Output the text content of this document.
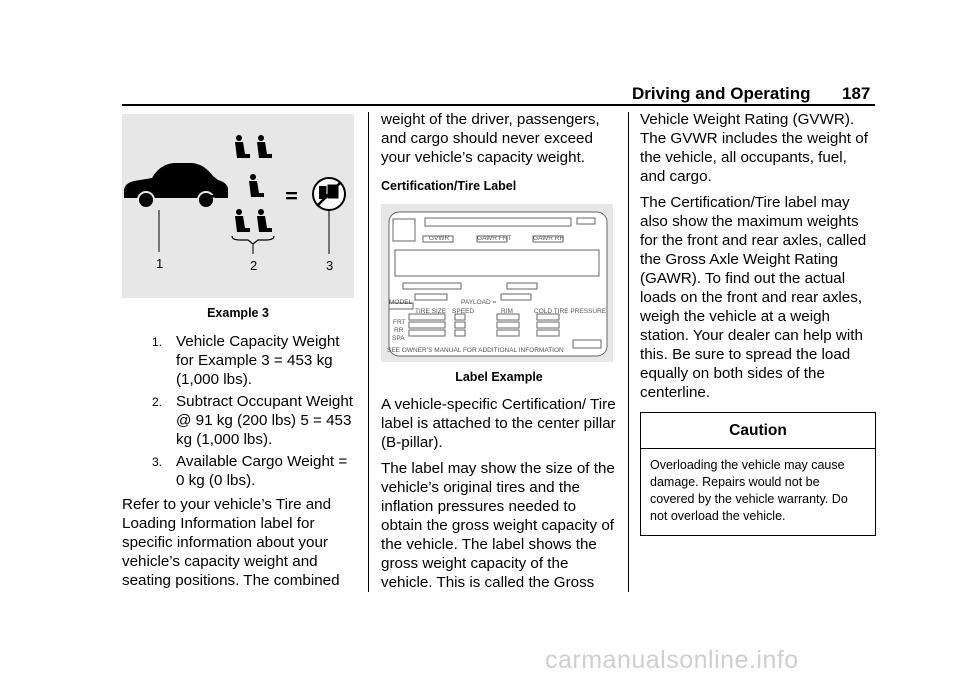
Driving and Operating 187
1	2	3
Example 3
1. Vehicle Capacity Weight for Example 3 = 453 kg (1,000 lbs).
2. Subtract Occupant Weight @ 91 kg (200 lbs) 5 = 453 kg (1,000 lbs).
3. Available Cargo Weight = 0 kg (0 lbs).
Refer to your vehicle’s Tire and Loading Information label for specific information about your vehicle’s capacity weight and seating positions. The combined

weight of the driver, passengers, and cargo should never exceed your vehicle’s capacity weight.

Certification/Tire Label
GVWR	GAWR FRT	GAWR RR
MODEL:	PAYLOAD =
TIRE SIZE SPEED	RIM	COLD TIRE PRESSURE
FRT
RR
SPA
SEE OWNER’S MANUAL FOR ADDITIONAL INFORMATION
Label Example

A vehicle-specific Certification/ Tire label is attached to the center pillar (B-pillar).

The label may show the size of the vehicle’s original tires and the inflation pressures needed to obtain the gross weight capacity of the vehicle. The label shows the gross weight capacity of the vehicle. This is called the Gross

Vehicle Weight Rating (GVWR). The GVWR includes the weight of the vehicle, all occupants, fuel, and cargo.

The Certification/Tire label may also show the maximum weights for the front and rear axles, called the Gross Axle Weight Rating (GAWR). To find out the actual loads on the front and rear axles, weigh the vehicle at a weigh station. Your dealer can help with this. Be sure to spread the load equally on both sides of the centerline.

Caution
Overloading the vehicle may cause damage. Repairs would not be covered by the vehicle warranty. Do not overload the vehicle.
carmanualsonline.info
